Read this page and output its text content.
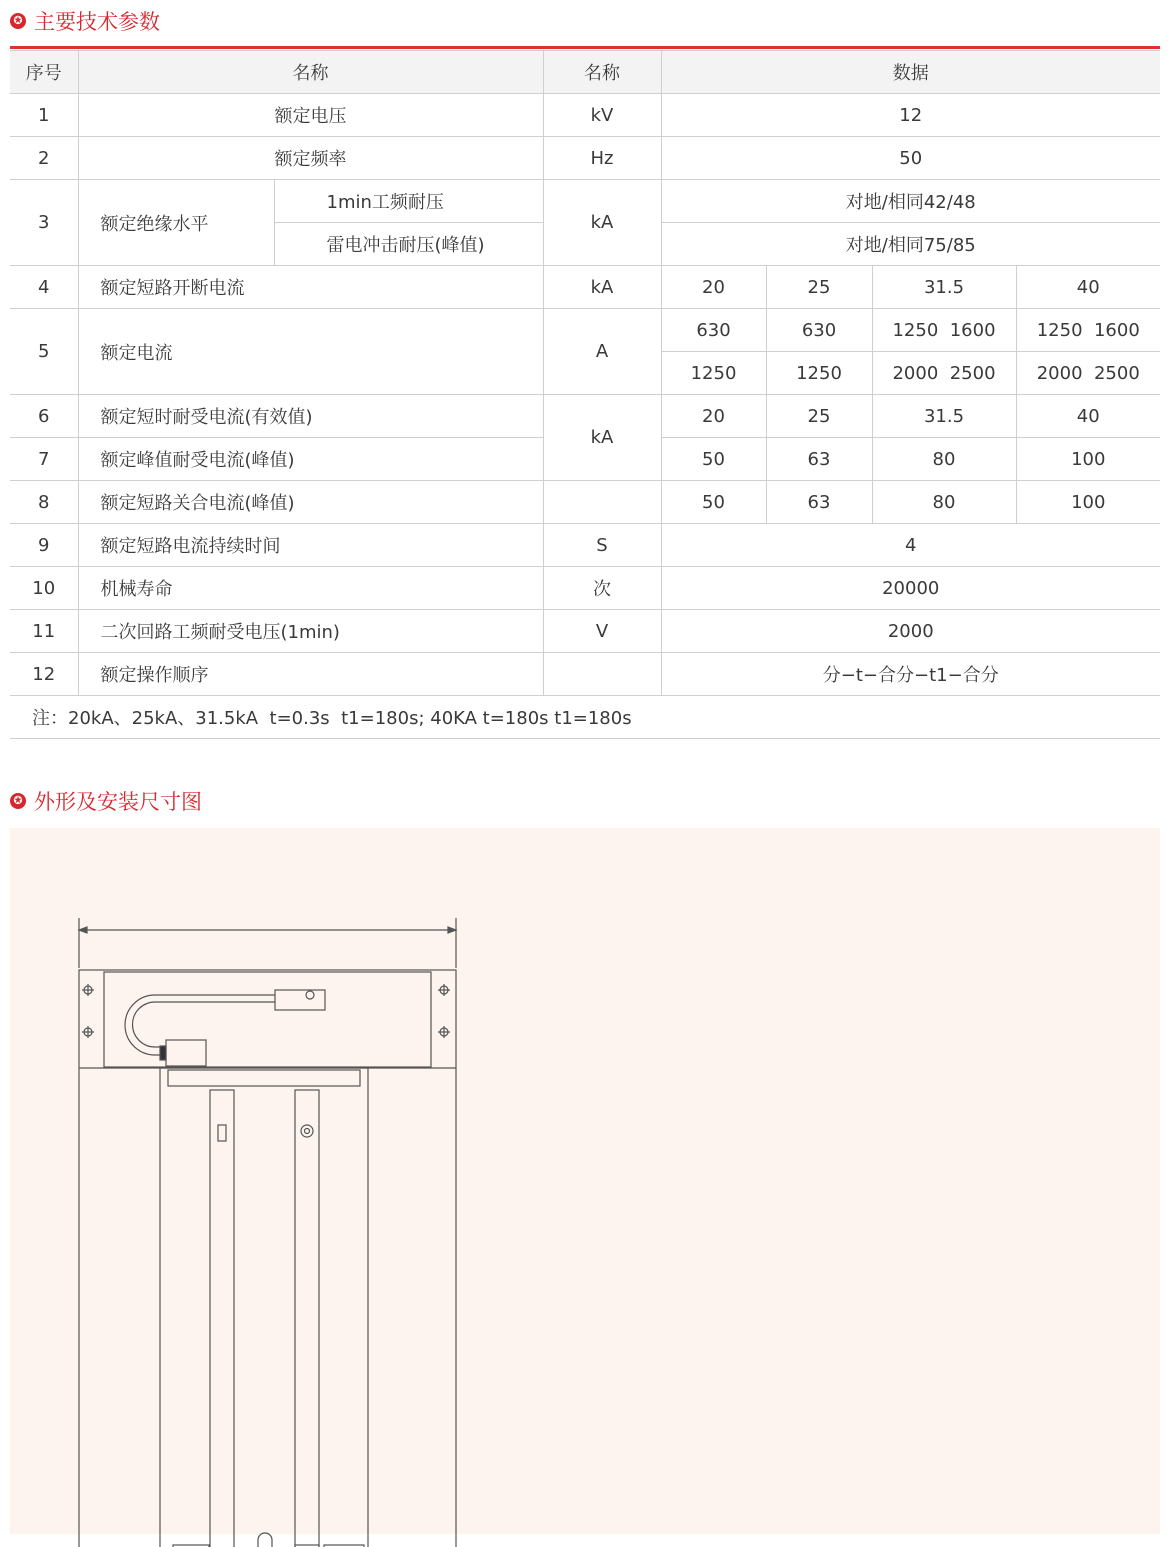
✪ 主要技术参数
序号	名称		名称	数据			
1	额定电压		kV	12			
2	额定频率		Hz	50			
3	额定绝缘水平	1min工频耐压	kA	对地/相同42/48			
		雷电冲击耐压(峰值)		对地/相同75/85			
4	额定短路开断电流		kA	20	25	31.5	40
5	额定电流		A	630	630	1250  1600	1250  1600
				1250	1250	2000  2500	2000  2500
6	额定短时耐受电流(有效值)		kA	20	25	31.5	40
7	额定峰值耐受电流(峰值)			50	63	80	100
8	额定短路关合电流(峰值)			50	63	80	100
9	额定短路电流持续时间		S	4			
10	机械寿命		次	20000			
11	二次回路工频耐受电压(1min)		V	2000			
12	额定操作顺序			分−t−合分−t1−合分			
注：20kA、25kA、31.5kA  t=0.3s  t1=180s; 40KA t=180s t1=180s							
✪ 外形及安装尺寸图
